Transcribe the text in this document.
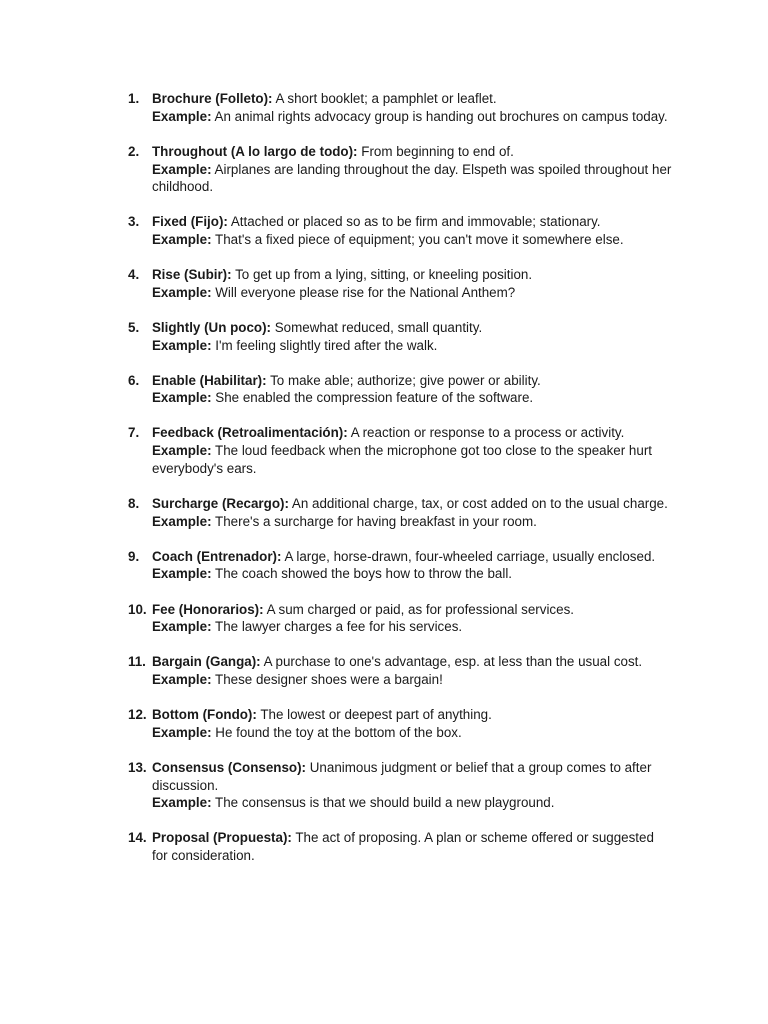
1. Brochure (Folleto): A short booklet; a pamphlet or leaflet.
Example: An animal rights advocacy group is handing out brochures on campus today.
2. Throughout (A lo largo de todo): From beginning to end of.
Example: Airplanes are landing throughout the day. Elspeth was spoiled throughout her childhood.
3. Fixed (Fijo): Attached or placed so as to be firm and immovable; stationary.
Example: That's a fixed piece of equipment; you can't move it somewhere else.
4. Rise (Subir): To get up from a lying, sitting, or kneeling position.
Example: Will everyone please rise for the National Anthem?
5. Slightly (Un poco): Somewhat reduced, small quantity.
Example: I'm feeling slightly tired after the walk.
6. Enable (Habilitar): To make able; authorize; give power or ability.
Example: She enabled the compression feature of the software.
7. Feedback (Retroalimentación): A reaction or response to a process or activity.
Example: The loud feedback when the microphone got too close to the speaker hurt everybody's ears.
8. Surcharge (Recargo): An additional charge, tax, or cost added on to the usual charge.
Example: There's a surcharge for having breakfast in your room.
9. Coach (Entrenador): A large, horse-drawn, four-wheeled carriage, usually enclosed.
Example: The coach showed the boys how to throw the ball.
10. Fee (Honorarios): A sum charged or paid, as for professional services.
Example: The lawyer charges a fee for his services.
11. Bargain (Ganga): A purchase to one's advantage, esp. at less than the usual cost.
Example: These designer shoes were a bargain!
12. Bottom (Fondo): The lowest or deepest part of anything.
Example: He found the toy at the bottom of the box.
13. Consensus (Consenso): Unanimous judgment or belief that a group comes to after discussion.
Example: The consensus is that we should build a new playground.
14. Proposal (Propuesta): The act of proposing. A plan or scheme offered or suggested for consideration.
